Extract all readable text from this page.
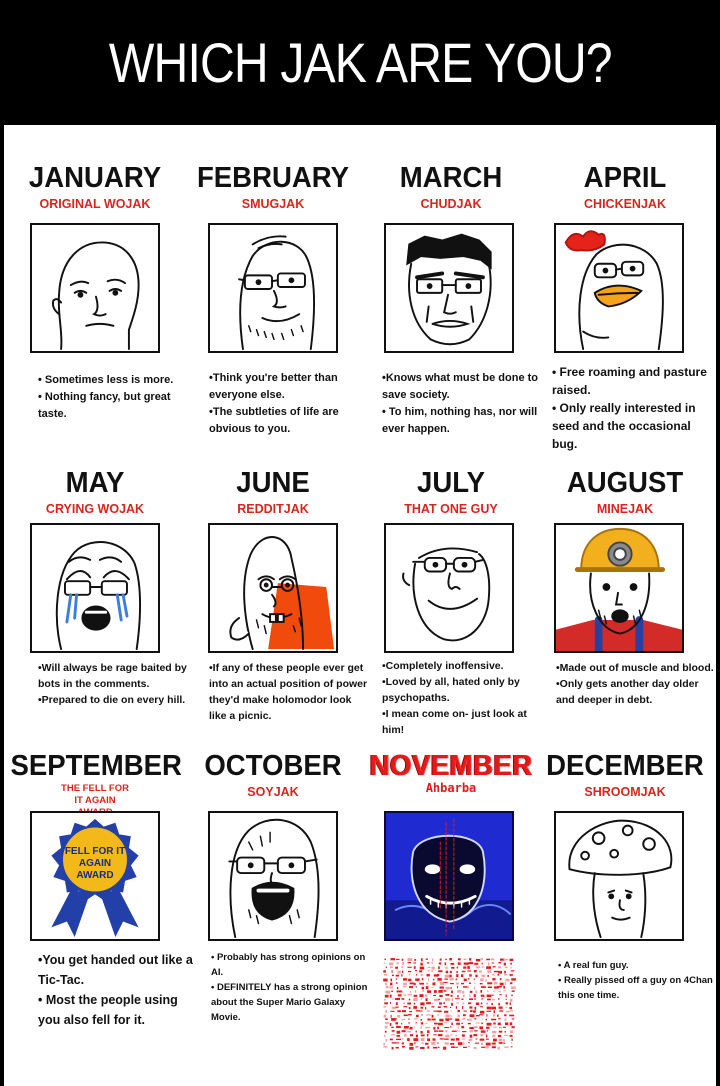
WHICH JAK ARE YOU?
JANUARY
ORIGINAL WOJAK
FEBRUARY
SMUGJAK
MARCH
CHUDJAK
APRIL
CHICKENJAK

• Sometimes less is more.

• Nothing fancy, but great taste.

•Think you're better than everyone else.

•The subtleties of life are obvious to you.

•Knows what must be done to save society.

• To him, nothing has, nor will ever happen.

• Free roaming and pasture raised.

• Only really interested in seed and the occasional bug.

MAY
CRYING WOJAK
JUNE
REDDITJAK
JULY
THAT ONE GUY
AUGUST
MINEJAK

•Will always be rage baited by bots in the comments.

•Prepared to die on every hill.

•If any of these people ever get into an actual position of power they'd make holomodor look like a picnic.

•Completely inoffensive.

•Loved by all, hated only by psychopaths.

•I mean come on- just look at him!

•Made out of muscle and blood.

•Only gets another day older and deeper in debt.

SEPTEMBER
THE FELL FOR IT AGAIN
FELL FOR IT AGAIN AWARD
OCTOBER
SOYJAK
NOVEMBER
Ahbarba
DECEMBER
SHROOMJAK

•You get handed out like a Tic-Tac.

• Most the people using you also fell for it.

• Probably has strong opinions on AI.

• DEFINITELY has a strong opinion about the Super Mario Galaxy Movie.

• A real fun guy.

• Really pissed off a guy on 4Chan this one time.
